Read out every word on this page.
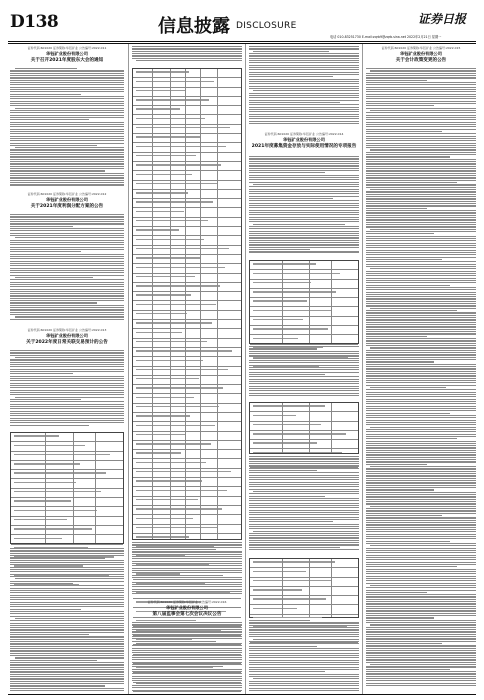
D138	信息披露 DISCLOSURE	证券日报
电话 010-83251730 E-mail:zqrb9@zqrb.sina.net 2022年2月21日 星期一
证券代码:601020 证券简称:华钰矿业 公告编号:2022-011
华钰矿业股份有限公司
关于召开2021年度股东大会的通知
证券代码:601020 证券简称:华钰矿业 公告编号:2022-012
华钰矿业股份有限公司
关于2021年度利润分配方案的公告
证券代码:601020 证券简称:华钰矿业 公告编号:2022-013
华钰矿业股份有限公司
关于2022年度日常关联交易预计的公告
证券代码:601020 证券简称:华钰矿业 公告编号:2022-016
华钰矿业股份有限公司
第八届监事会第七次会议决议公告
证券代码:601020 证券简称:华钰矿业 公告编号:2022-014
华钰矿业股份有限公司
2021年度募集资金存放与实际使用情况的专项报告
证券代码:601020 证券简称:华钰矿业 公告编号:2022-015
华钰矿业股份有限公司
关于会计政策变更的公告
